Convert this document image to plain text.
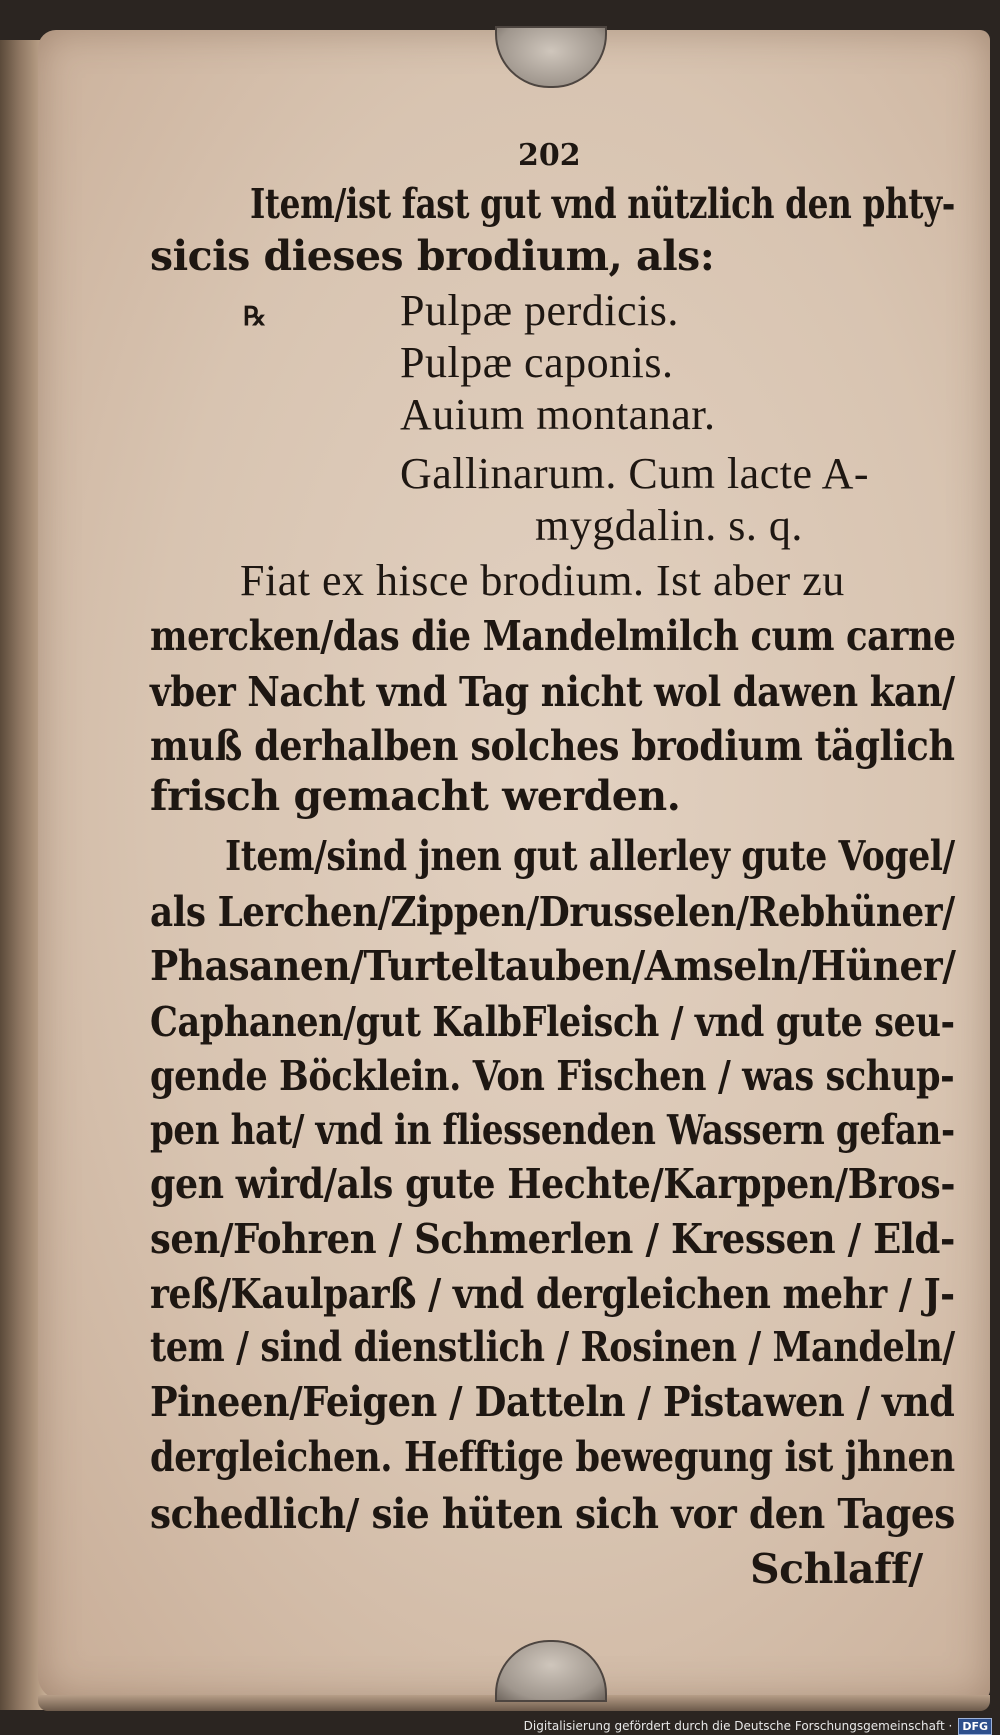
202
Item/ist fast gut vnd nützlich den phty-
sicis dieses brodium, als:
℞	Pulpæ perdicis.
Pulpæ caponis.
Auium montanar.
Gallinarum. Cum lacte A-
mygdalin. s. q.
Fiat ex hisce brodium. Ist aber zu
mercken/das die Mandelmilch cum carne
vber Nacht vnd Tag nicht wol dawen kan/
muß derhalben solches brodium täglich
frisch gemacht werden.
Item/sind jnen gut allerley gute Vogel/
als Lerchen/Zippen/Drusselen/Rebhüner/
Phasanen/Turteltauben/Amseln/Hüner/
Caphanen/gut KalbFleisch / vnd gute seu-
gende Böcklein. Von Fischen / was schup-
pen hat/ vnd in fliessenden Wassern gefan-
gen wird/als gute Hechte/Karppen/Bros-
sen/Fohren / Schmerlen / Kressen / Eld-
reß/Kaulparß / vnd dergleichen mehr / J-
tem / sind dienstlich / Rosinen / Mandeln/
Pineen/Feigen / Datteln / Pistawen / vnd
dergleichen. Hefftige bewegung ist jhnen
schedlich/ sie hüten sich vor den Tages
Schlaff/
Digitalisierung gefördert durch die Deutsche Forschungsgemeinschaft · DFG
